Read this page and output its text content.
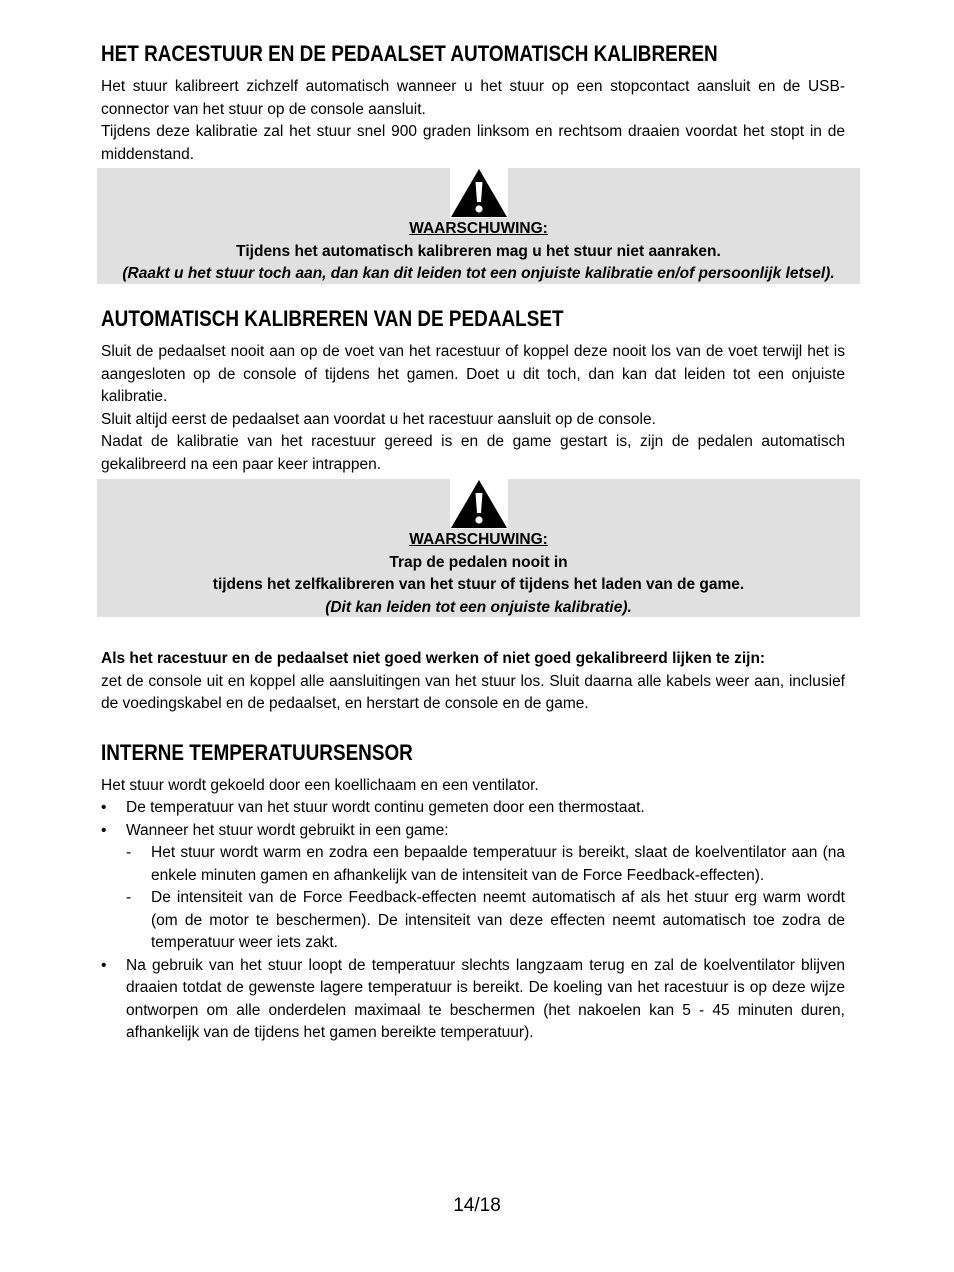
HET RACESTUUR EN DE PEDAALSET AUTOMATISCH KALIBREREN

Het stuur kalibreert zichzelf automatisch wanneer u het stuur op een stopcontact aansluit en de USB-connector van het stuur op de console aansluit.

Tijdens deze kalibratie zal het stuur snel 900 graden linksom en rechtsom draaien voordat het stopt in de middenstand.

WAARSCHUWING:
Tijdens het automatisch kalibreren mag u het stuur niet aanraken.
(Raakt u het stuur toch aan, dan kan dit leiden tot een onjuiste kalibratie en/of persoonlijk letsel).
AUTOMATISCH KALIBREREN VAN DE PEDAALSET

Sluit de pedaalset nooit aan op de voet van het racestuur of koppel deze nooit los van de voet terwijl het is aangesloten op de console of tijdens het gamen. Doet u dit toch, dan kan dat leiden tot een onjuiste kalibratie.

Sluit altijd eerst de pedaalset aan voordat u het racestuur aansluit op de console.

Nadat de kalibratie van het racestuur gereed is en de game gestart is, zijn de pedalen automatisch gekalibreerd na een paar keer intrappen.

WAARSCHUWING:
Trap de pedalen nooit in
tijdens het zelfkalibreren van het stuur of tijdens het laden van de game.
(Dit kan leiden tot een onjuiste kalibratie).

Als het racestuur en de pedaalset niet goed werken of niet goed gekalibreerd lijken te zijn:

zet de console uit en koppel alle aansluitingen van het stuur los. Sluit daarna alle kabels weer aan, inclusief de voedingskabel en de pedaalset, en herstart de console en de game.

INTERNE TEMPERATUURSENSOR

Het stuur wordt gekoeld door een koellichaam en een ventilator.

• De temperatuur van het stuur wordt continu gemeten door een thermostaat.
• Wanneer het stuur wordt gebruikt in een game:
- Het stuur wordt warm en zodra een bepaalde temperatuur is bereikt, slaat de koelventilator aan (na enkele minuten gamen en afhankelijk van de intensiteit van de Force Feedback-effecten).
- De intensiteit van de Force Feedback-effecten neemt automatisch af als het stuur erg warm wordt (om de motor te beschermen). De intensiteit van deze effecten neemt automatisch toe zodra de temperatuur weer iets zakt.
• Na gebruik van het stuur loopt de temperatuur slechts langzaam terug en zal de koelventilator blijven draaien totdat de gewenste lagere temperatuur is bereikt. De koeling van het racestuur is op deze wijze ontworpen om alle onderdelen maximaal te beschermen (het nakoelen kan 5 - 45 minuten duren, afhankelijk van de tijdens het gamen bereikte temperatuur).
14/18
